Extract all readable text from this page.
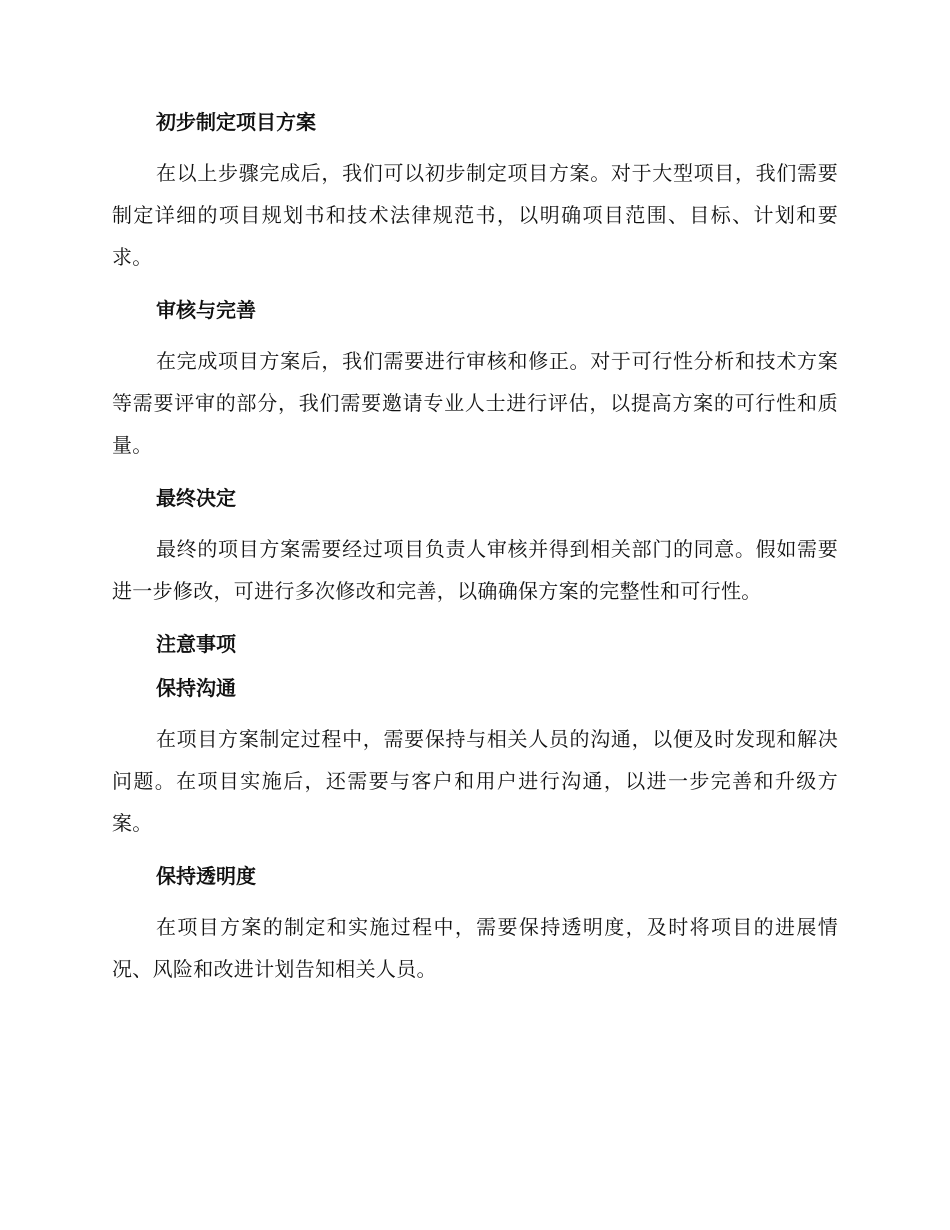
初步制定项目方案

在以上步骤完成后，我们可以初步制定项目方案。对于大型项目，我们需要制定详细的项目规划书和技术法律规范书，以明确项目范围、目标、计划和要求。

审核与完善

在完成项目方案后，我们需要进行审核和修正。对于可行性分析和技术方案等需要评审的部分，我们需要邀请专业人士进行评估，以提高方案的可行性和质量。

最终决定

最终的项目方案需要经过项目负责人审核并得到相关部门的同意。假如需要进一步修改，可进行多次修改和完善，以确确保方案的完整性和可行性。

注意事项
保持沟通

在项目方案制定过程中，需要保持与相关人员的沟通，以便及时发现和解决问题。在项目实施后，还需要与客户和用户进行沟通，以进一步完善和升级方案。

保持透明度

在项目方案的制定和实施过程中，需要保持透明度，及时将项目的进展情况、风险和改进计划告知相关人员。
